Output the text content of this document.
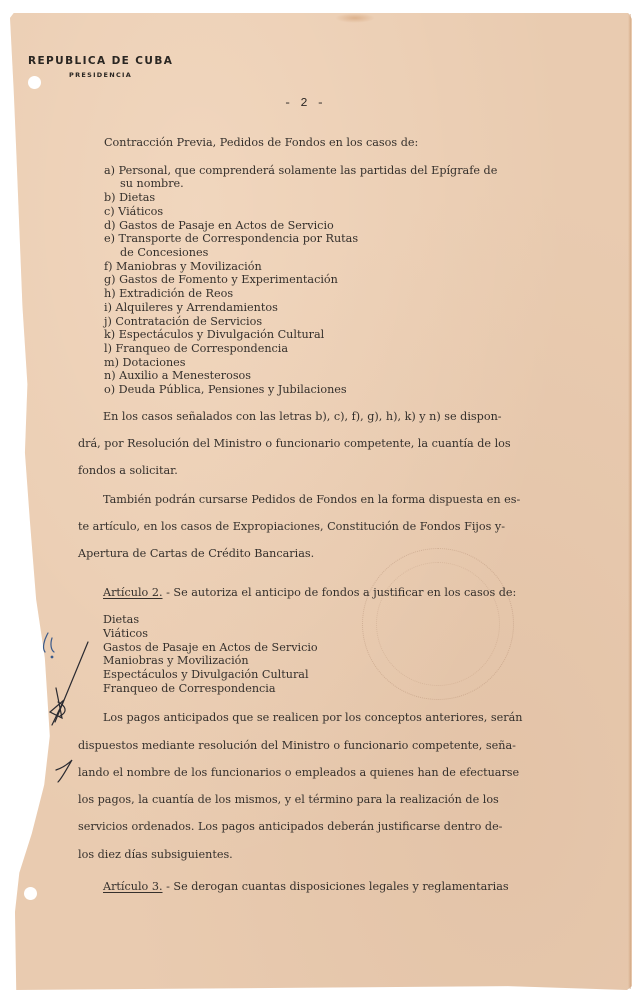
REPUBLICA DE CUBA
PRESIDENCIA
- 2 -
Contracción Previa, Pedidos de Fondos en los casos de:
a) Personal, que comprenderá solamente las partidas del Epígrafe de
su nombre.
b) Dietas
c) Viáticos
d) Gastos de Pasaje en Actos de Servicio
e) Transporte de Correspondencia por Rutas
de Concesiones
f) Maniobras y Movilización
g) Gastos de Fomento y Experimentación
h) Extradición de Reos
i) Alquileres y Arrendamientos
j) Contratación de Servicios
k) Espectáculos y Divulgación Cultural
l) Franqueo de Correspondencia
m) Dotaciones
n) Auxilio a Menesterosos
o) Deuda Pública, Pensiones y Jubilaciones
En los casos señalados con las letras b), c), f), g), h), k) y n) se dispon-
drá, por Resolución del Ministro o funcionario competente, la cuantía de los
fondos a solicitar.
También podrán cursarse Pedidos de Fondos en la forma dispuesta en es-
te artículo, en los casos de Expropiaciones, Constitución de Fondos Fijos y-
Apertura de Cartas de Crédito Bancarias.
Artículo 2. - Se autoriza el anticipo de fondos a justificar en los casos de:
Dietas
Viáticos
Gastos de Pasaje en Actos de Servicio
Maniobras y Movilización
Espectáculos y Divulgación Cultural
Franqueo de Correspondencia
Los pagos anticipados que se realicen por los conceptos anteriores, serán
dispuestos mediante resolución del Ministro o funcionario competente, seña-
lando el nombre de los funcionarios o empleados a quienes han de efectuarse
los pagos, la cuantía de los mismos, y el término para la realización de los
servicios ordenados. Los pagos anticipados deberán justificarse dentro de-
los diez días subsiguientes.
Artículo 3. - Se derogan cuantas disposiciones legales y reglamentarias
